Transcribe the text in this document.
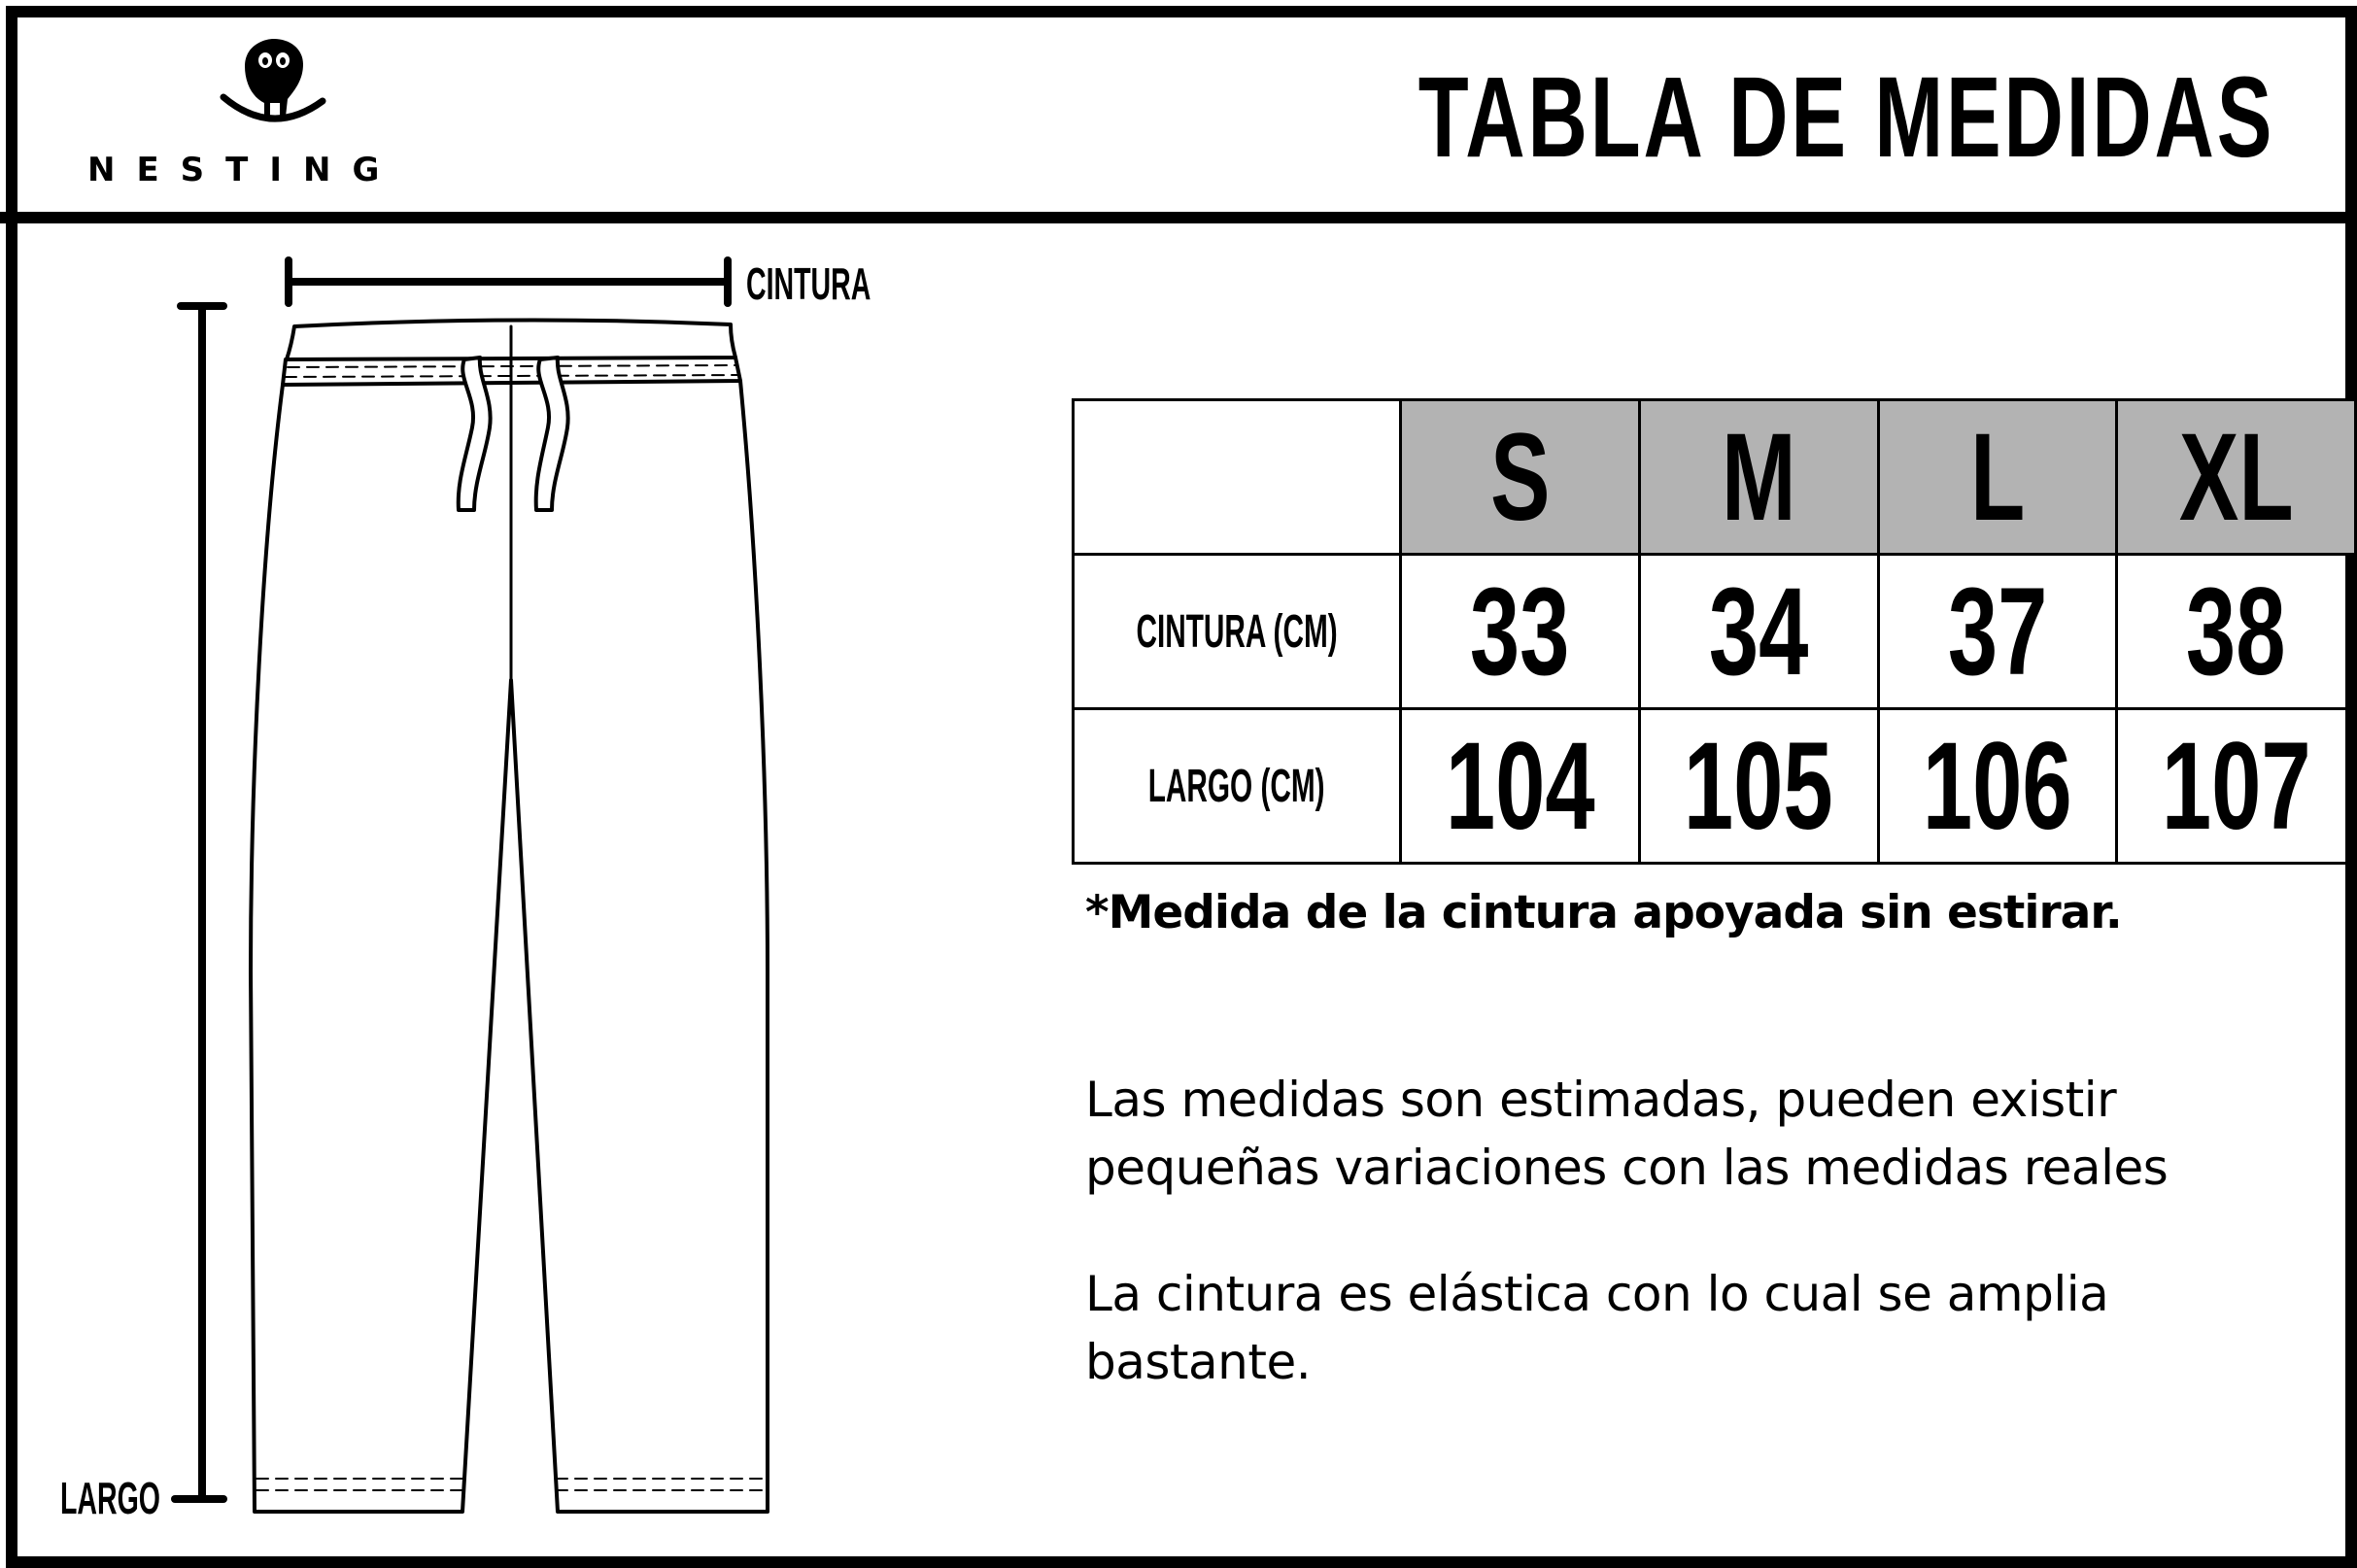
NESTING	TABLA DE MEDIDAS
CINTURA
LARGO
	S	M	L	XL
CINTURA (CM)	33	34	37	38
LARGO (CM)	104	105	106	107
*Medida de la cintura apoyada sin estirar.
Las medidas son estimadas, pueden existir
pequeñas variaciones con las medidas reales
La cintura es elástica con lo cual se amplia
bastante.
